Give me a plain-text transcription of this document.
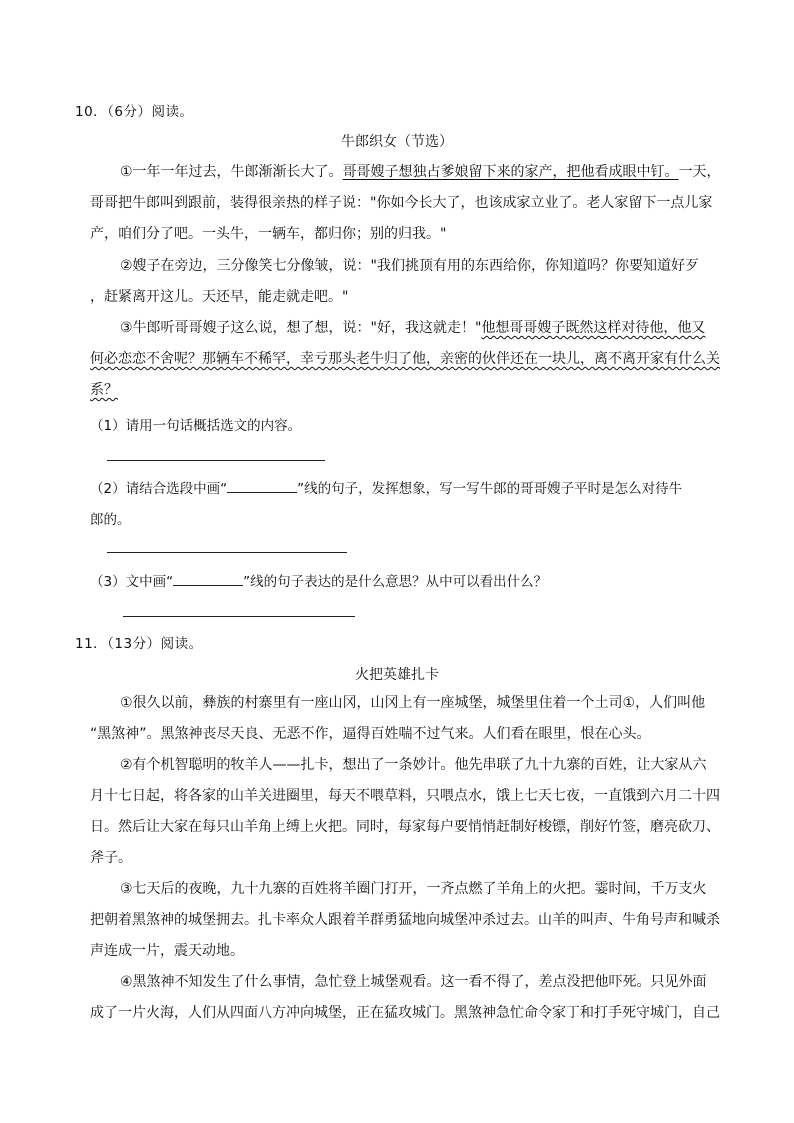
10．（6分）阅读。
牛郎织女（节选）
①一年一年过去，牛郎渐渐长大了。哥哥嫂子想独占爹娘留下来的家产，把他看成眼中钉。一天，
哥哥把牛郎叫到跟前，装得很亲热的样子说："你如今长大了，也该成家立业了。老人家留下一点儿家
产，咱们分了吧。一头牛，一辆车，都归你；别的归我。"
②嫂子在旁边，三分像笑七分像皱，说："我们挑顶有用的东西给你，你知道吗？你要知道好歹
，赶紧离开这儿。天还早，能走就走吧。"
③牛郎听哥哥嫂子这么说，想了想，说："好，我这就走！"他想哥哥嫂子既然这样对待他，他又
何必恋恋不舍呢？那辆车不稀罕，幸亏那头老牛归了他，亲密的伙伴还在一块儿，离不离开家有什么关
系？
（1）请用一句话概括选文的内容。
（2）请结合选段中画“	”线的句子，发挥想象，写一写牛郎的哥哥嫂子平时是怎么对待牛
郎的。
（3）文中画“	”线的句子表达的是什么意思？从中可以看出什么？
11．（13分）阅读。
火把英雄扎卡
①很久以前，彝族的村寨里有一座山冈，山冈上有一座城堡，城堡里住着一个土司①，人们叫他
“黑煞神”。黑煞神丧尽天良、无恶不作，逼得百姓喘不过气来。人们看在眼里，恨在心头。
②有个机智聪明的牧羊人——扎卡，想出了一条妙计。他先串联了九十九寨的百姓，让大家从六
月十七日起，将各家的山羊关进圈里，每天不喂草料，只喂点水，饿上七天七夜，一直饿到六月二十四
日。然后让大家在每只山羊角上缚上火把。同时，每家每户要悄悄赶制好梭镖，削好竹签，磨亮砍刀、
斧子。
③七天后的夜晚，九十九寨的百姓将羊圈门打开，一齐点燃了羊角上的火把。霎时间，千万支火
把朝着黑煞神的城堡拥去。扎卡率众人跟着羊群勇猛地向城堡冲杀过去。山羊的叫声、牛角号声和喊杀
声连成一片，震天动地。
④黑煞神不知发生了什么事情，急忙登上城堡观看。这一看不得了，差点没把他吓死。只见外面
成了一片火海，人们从四面八方冲向城堡，正在猛攻城门。黑煞神急忙命令家丁和打手死守城门，自己
